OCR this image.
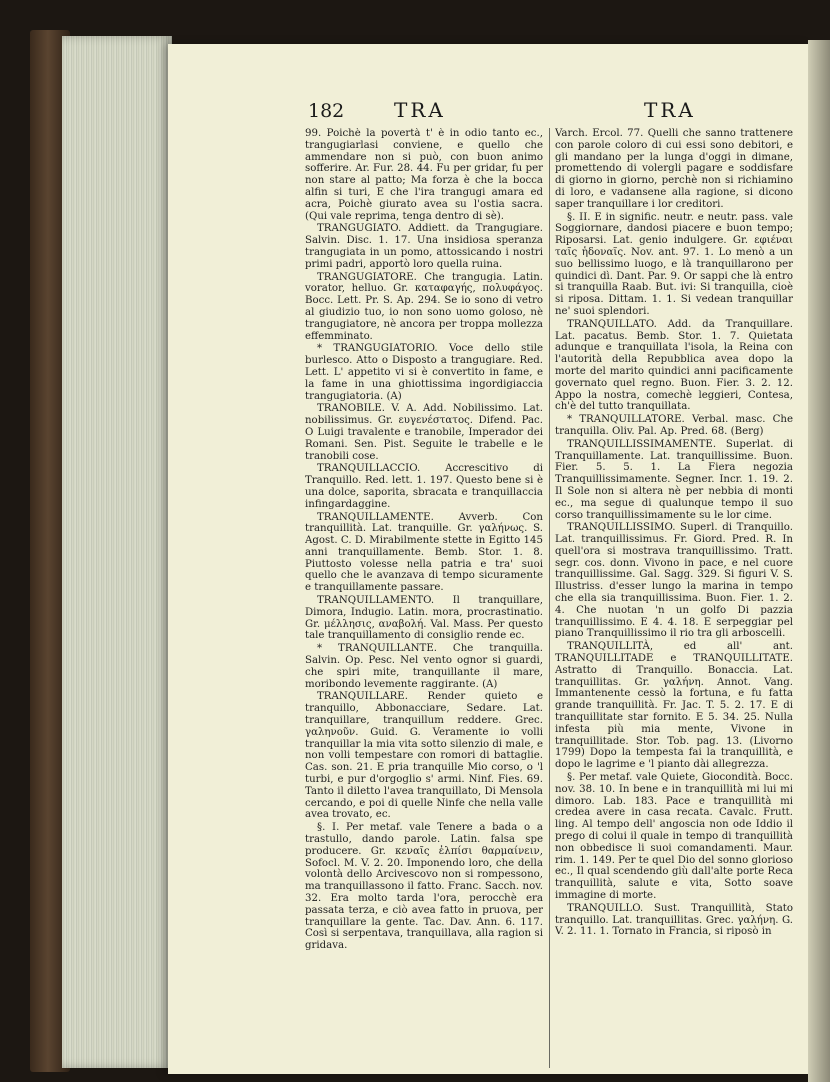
182 TRA	TRA

99. Poichè la povertà t' è in odio tanto ec., trangugiarlasi conviene, e quello che ammendare non si può, con buon animo sofferire. Ar. Fur. 28. 44. Fu per gridar, fu per non stare al patto; Ma forza è che la bocca alfin si turi, E che l'ira trangugi amara ed acra, Poichè giurato avea su l'ostia sacra. (Qui vale reprima, tenga dentro di sè).

TRANGUGIATO. Addiett. da Trangugiare. Salvin. Disc. 1. 17. Una insidiosa speranza trangugiata in un pomo, attossicando i nostri primi padri, apportò loro quella ruina.

TRANGUGIATORE. Che trangugia. Latin. vorator, helluo. Gr. καταφαγής, πολυφάγος. Bocc. Lett. Pr. S. Ap. 294. Se io sono di vetro al giudizio tuo, io non sono uomo goloso, nè trangugiatore, nè ancora per troppa mollezza effemminato.

* TRANGUGIATORIO. Voce dello stile burlesco. Atto o Disposto a trangugiare. Red. Lett. L' appetito vi si è convertito in fame, e la fame in una ghiottissima ingordigiaccia trangugiatoria. (A)

TRANOBILE. V. A. Add. Nobilissimo. Lat. nobilissimus. Gr. ευγενέστατος. Difend. Pac. O Luigi travalente e tranobile, Imperador dei Romani. Sen. Pist. Seguite le trabelle e le tranobili cose.

TRANQUILLACCIO. Accrescitivo di Tranquillo. Red. lett. 1. 197. Questo bene si è una dolce, saporita, sbracata e tranquillaccia infingardaggine.

TRANQUILLAMENTE. Avverb. Con tranquillità. Lat. tranquille. Gr. γαλήνως. S. Agost. C. D. Mirabilmente stette in Egitto 145 anni tranquillamente. Bemb. Stor. 1. 8. Piuttosto volesse nella patria e tra' suoi quello che le avanzava di tempo sicuramente e tranquillamente passare.

TRANQUILLAMENTO. Il tranquillare, Dimora, Indugio. Latin. mora, procrastinatio. Gr. μέλλησις, αναβολή. Val. Mass. Per questo tale tranquillamento di consiglio rende ec.

* TRANQUILLANTE. Che tranquilla. Salvin. Op. Pesc. Nel vento ognor si guardi, che spiri mite, tranquillante il mare, moribondo levemente raggirante. (A)

TRANQUILLARE. Render quieto e tranquillo, Abbonacciare, Sedare. Lat. tranquillare, tranquillum reddere. Grec. γαληνοῦν. Guid. G. Veramente io volli tranquillar la mia vita sotto silenzio di male, e non volli tempestare con romori di battaglie. Cas. son. 21. E pria tranquille Mio corso, o 'l turbi, e pur d'orgoglio s' armi. Ninf. Fies. 69. Tanto il diletto l'avea tranquillato, Di Mensola cercando, e poi di quelle Ninfe che nella valle avea trovato, ec.

§. I. Per metaf. vale Tenere a bada o a trastullo, dando parole. Latin. falsa spe producere. Gr. κεναῖς ἐλπίσι θαρμαίνειν, Sofocl. M. V. 2. 20. Imponendo loro, che della volontà dello Arcivescovo non si rompessono, ma tranquillassono il fatto. Franc. Sacch. nov. 32. Era molto tarda l'ora, perocchè era passata terza, e ciò avea fatto in pruova, per tranquillare la gente. Tac. Dav. Ann. 6. 117. Così si serpentava, tranquillava, alla ragion si gridava.

Varch. Ercol. 77. Quelli che sanno trattenere con parole coloro di cui essi sono debitori, e gli mandano per la lunga d'oggi in dimane, promettendo di volergli pagare e soddisfare di giorno in giorno, perchè non si richiamino di loro, e vadansene alla ragione, si dicono saper tranquillare i lor creditori.

§. II. E in signific. neutr. e neutr. pass. vale Soggiornare, dandosi piacere e buon tempo; Riposarsi. Lat. genio indulgere. Gr. εφιέναι ταῖς ἡδοναῖς. Nov. ant. 97. 1. Lo menò a un suo bellissimo luogo, e là tranquillarono per quindici dì. Dant. Par. 9. Or sappi che là entro si tranquilla Raab. But. ivi: Si tranquilla, cioè si riposa. Dittam. 1. 1. Si vedean tranquillar ne' suoi splendori.

TRANQUILLATO. Add. da Tranquillare. Lat. pacatus. Bemb. Stor. 1. 7. Quietata adunque e tranquillata l'isola, la Reina con l'autorità della Repubblica avea dopo la morte del marito quindici anni pacificamente governato quel regno. Buon. Fier. 3. 2. 12. Appo la nostra, comechè leggieri, Contesa, ch'è del tutto tranquillata.

* TRANQUILLATORE. Verbal. masc. Che tranquilla. Oliv. Pal. Ap. Pred. 68. (Berg)

TRANQUILLISSIMAMENTE. Superlat. di Tranquillamente. Lat. tranquillissime. Buon. Fier. 5. 5. 1. La Fiera negozia Tranquillissimamente. Segner. Incr. 1. 19. 2. Il Sole non si altera nè per nebbia di monti ec., ma segue di qualunque tempo il suo corso tranquillissimamente su le lor cime.

TRANQUILLISSIMO. Superl. di Tranquillo. Lat. tranquillissimus. Fr. Giord. Pred. R. In quell'ora si mostrava tranquillissimo. Tratt. segr. cos. donn. Vivono in pace, e nel cuore tranquillissime. Gal. Sagg. 329. Si figuri V. S. Illustriss. d'esser lungo la marina in tempo che ella sia tranquillissima. Buon. Fier. 1. 2. 4. Che nuotan 'n un golfo Di pazzia tranquillissimo. E 4. 4. 18. E serpeggiar pel piano Tranquillissimo il rio tra gli arboscelli.

TRANQUILLITÀ, ed all' ant. TRANQUILLITADE e TRANQUILLITATE. Astratto di Tranquillo. Bonaccia. Lat. tranquillitas. Gr. γαλήνη. Annot. Vang. Immantenente cessò la fortuna, e fu fatta grande tranquillità. Fr. Jac. T. 5. 2. 17. E di tranquillitate star fornito. E 5. 34. 25. Nulla infesta più mia mente, Vivone in tranquillitade. Stor. Tob. pag. 13. (Livorno 1799) Dopo la tempesta fai la tranquillità, e dopo le lagrime e 'l pianto dài allegrezza.

§. Per metaf. vale Quiete, Giocondità. Bocc. nov. 38. 10. In bene e in tranquillità mi lui mi dimoro. Lab. 183. Pace e tranquillità mi credea avere in casa recata. Cavalc. Frutt. ling. Al tempo dell' angoscia non ode Iddio il prego di colui il quale in tempo di tranquillità non obbedisce li suoi comandamenti. Maur. rim. 1. 149. Per te quel Dio del sonno glorioso ec., Il qual scendendo giù dall'alte porte Reca tranquillità, salute e vita, Sotto soave immagine di morte.

TRANQUILLO. Sust. Tranquillità, Stato tranquillo. Lat. tranquillitas. Grec. γαλήνη. G. V. 2. 11. 1. Tornato in Francia, si riposò in
